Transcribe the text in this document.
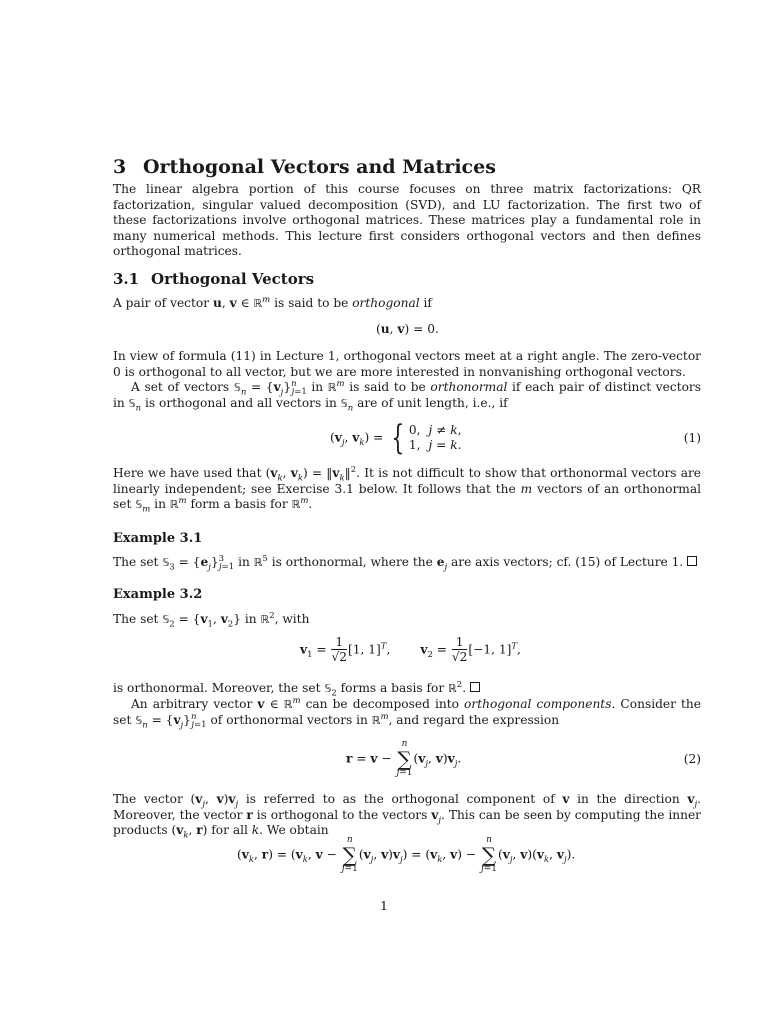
3 Orthogonal Vectors and Matrices

The linear algebra portion of this course focuses on three matrix factorizations: QR factorization, singular valued decomposition (SVD), and LU factorization. The first two of these factorizations involve orthogonal matrices. These matrices play a fundamental role in many numerical methods. This lecture first considers orthogonal vectors and then defines orthogonal matrices.

3.1 Orthogonal Vectors

A pair of vector u, v ∈ ℝ$^m$ is said to be orthogonal if

(u, v) = 0.

In view of formula (11) in Lecture 1, orthogonal vectors meet at a right angle. The zero-vector 0 is orthogonal to all vector, but we are more interested in nonvanishing orthogonal vectors.

A set of vectors 𝕊$_n$ = $\{v_j\}^n_{j=1}$ in ℝ$^m$ is said to be orthonormal if each pair of distinct vectors in 𝕊$_n$ is orthogonal and all vectors in 𝕊$_n$ are of unit length, i.e., if

($v_j$, $v_k$) = { 0,	j ≠ k,
1,	j = k.	(1)

Here we have used that ($v_k$, $v_k$) = $‖v_k‖^2$. It is not difficult to show that orthonormal vectors are linearly independent; see Exercise 3.1 below. It follows that the m vectors of an orthonormal set 𝕊$_m$ in ℝ$^m$ form a basis for ℝ$^m$.

Example 3.1

The set 𝕊$_3$ = $\{e_j\}^3_{j=1}$ in ℝ$^5$ is orthonormal, where the $e_j$ are axis vectors; cf. (15) of Lecture 1.

Example 3.2

The set 𝕊$_2$ = {$v_1$, $v_2$} in ℝ$^2$, with

$v_1 = \frac{1}{√2} [1$, 1]$^T$, $v_2 = \frac{1}{√2} [-1$, 1]$^T$,

is orthonormal. Moreover, the set 𝕊$_2$ forms a basis for ℝ$^2$.

An arbitrary vector v ∈ ℝ$^m$ can be decomposed into orthogonal components. Consider the set 𝕊$_n$ = $\{v_j\}^n_{j=1}$ of orthonormal vectors in ℝ$^m$, and regard the expression

r = v − n
∑
$j=1(v_j$, $v)v_j$.	(2)

The vector ($v_j$, $v)v_j$ is referred to as the orthogonal component of v in the direction $v_j$. Moreover, the vector r is orthogonal to the vectors $v_j$. This can be seen by computing the inner products ($v_k$, r) for all k. We obtain

($v_k$, $r) = (v_k$, v − n
∑
$j=1(v_j$, $v)v_j) = (v_k$, v) − n
∑
$j=1(v_j$, $v)(v_k$, $v_j$).
1
